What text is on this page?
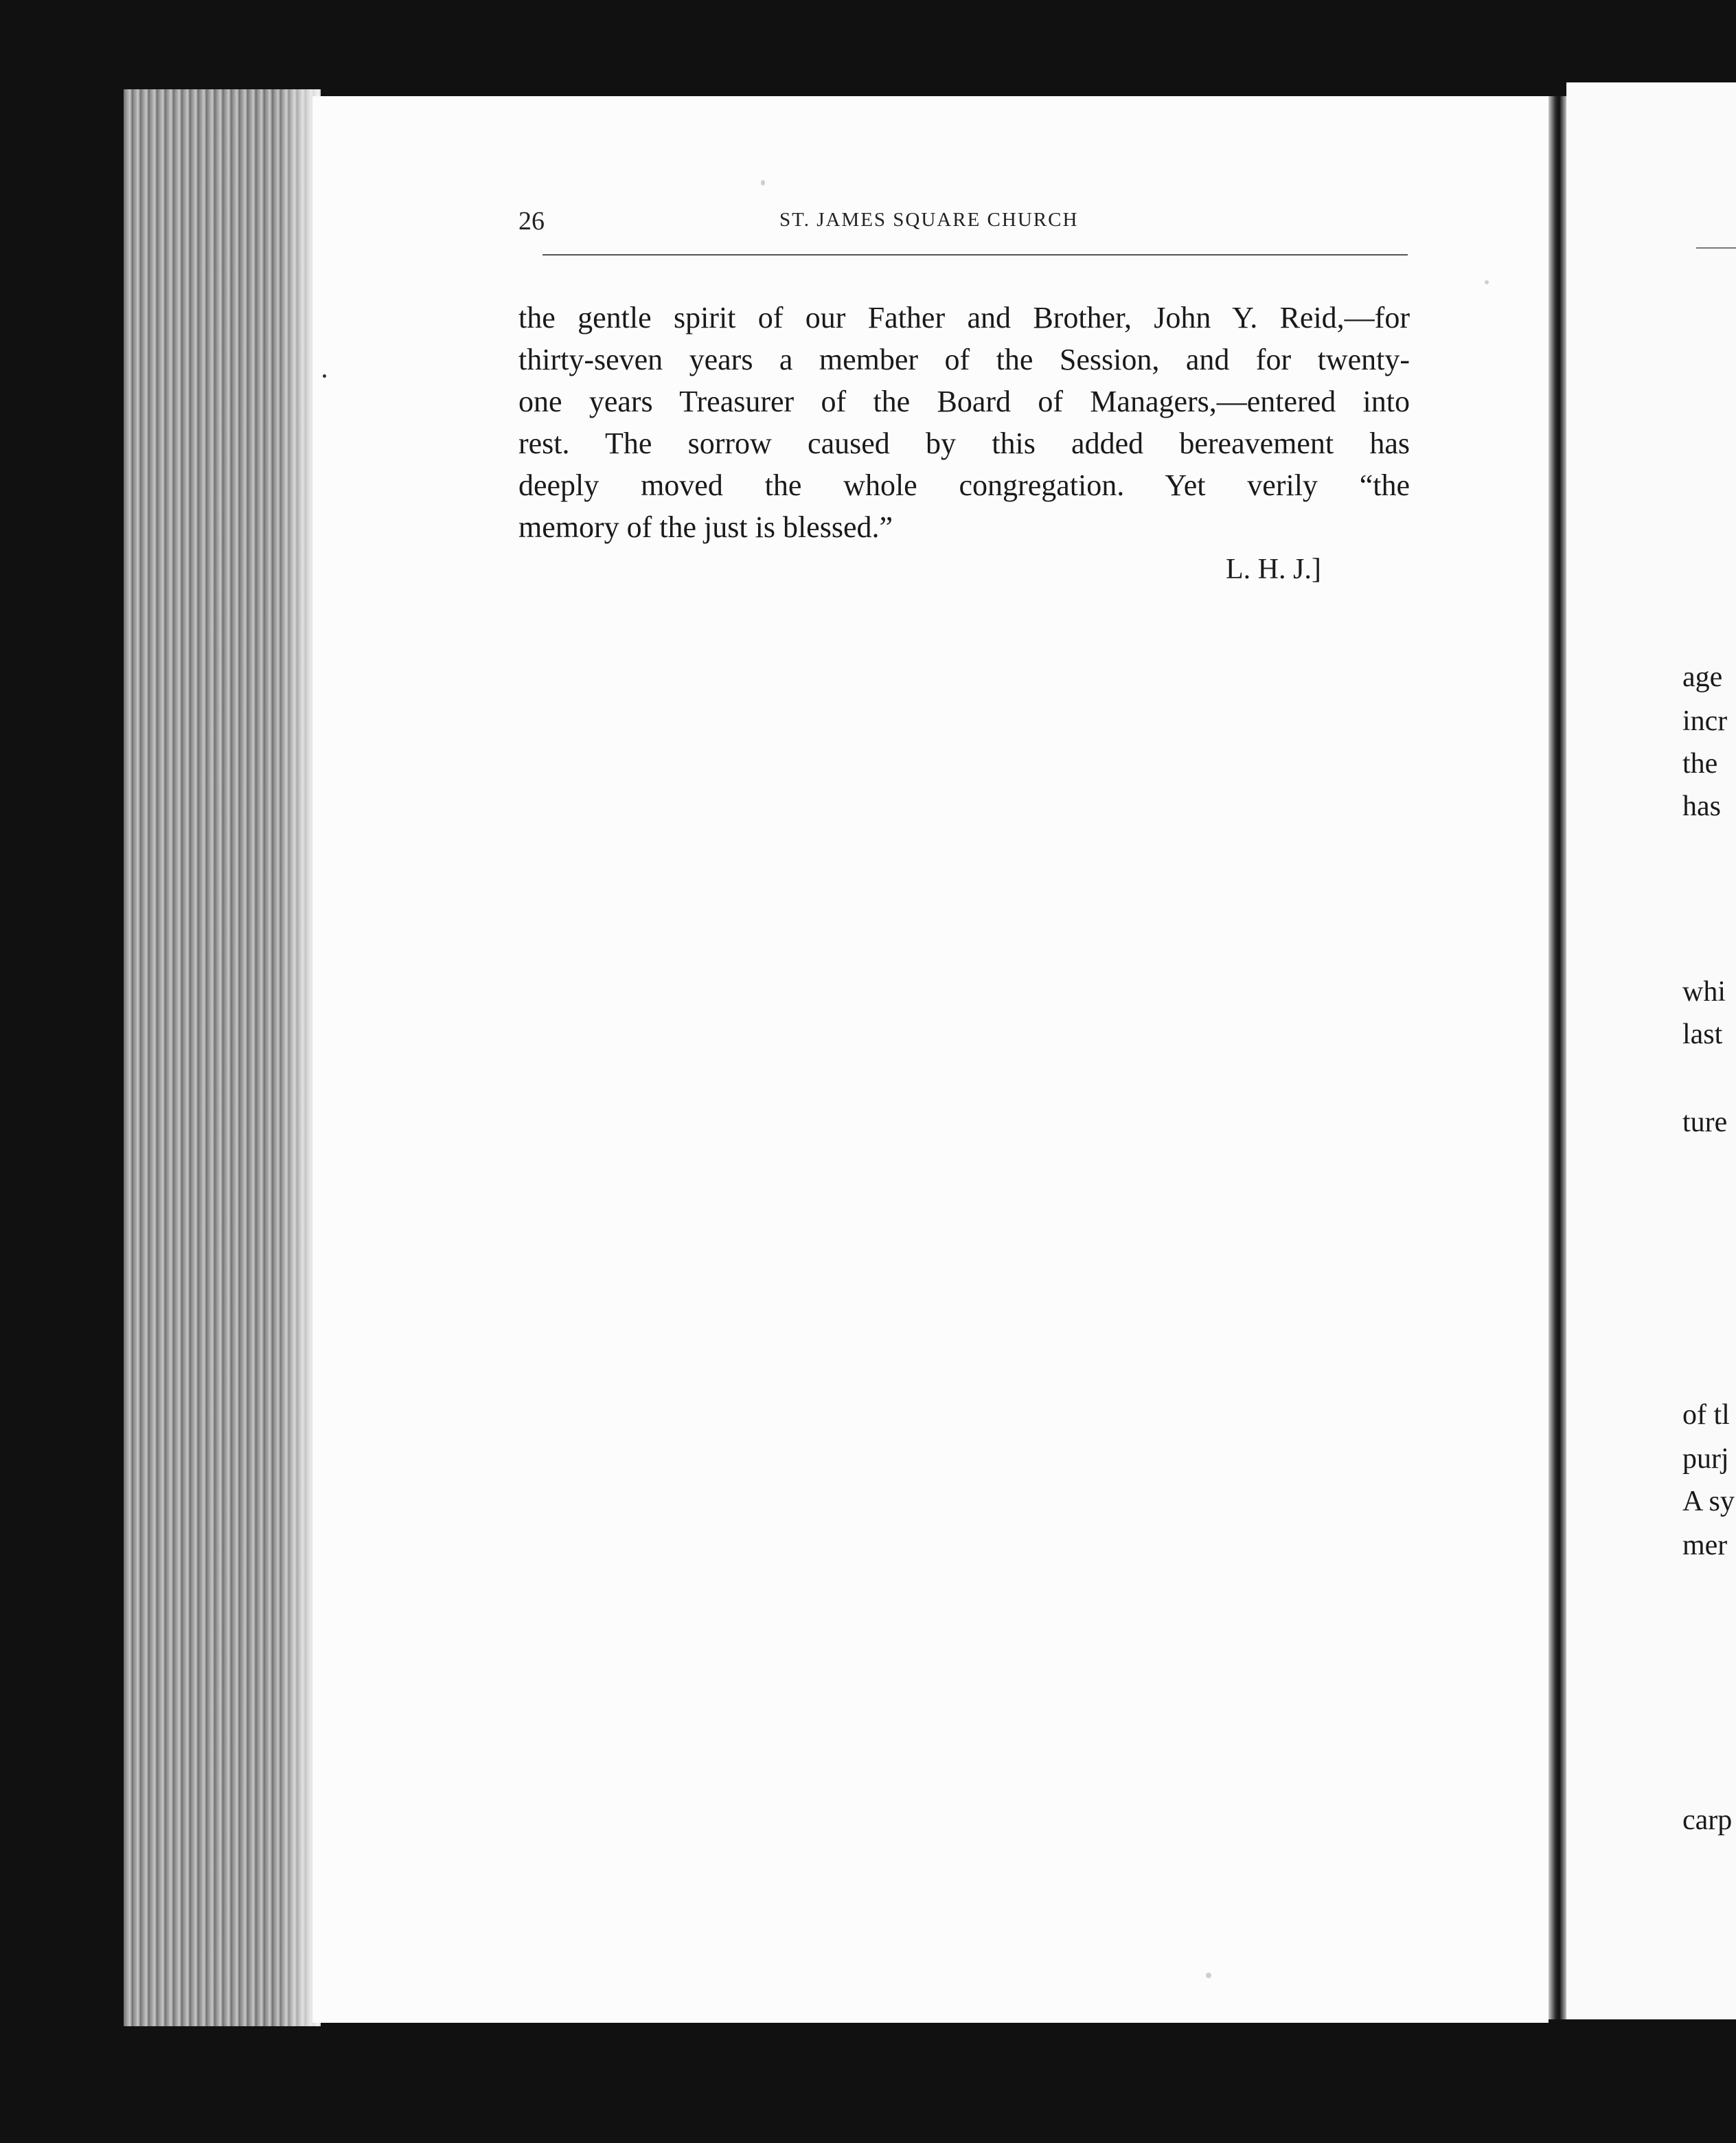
26	ST. JAMES SQUARE CHURCH
the gentle spirit of our Father and Brother, John Y. Reid,—for
thirty-seven years a member of the Session, and for twenty-
one years Treasurer of the Board of Managers,—entered into
rest. The sorrow caused by this added bereavement has
deeply moved the whole congregation. Yet verily “the
memory of the just is blessed.”
L. H. J.]
age
incr
the
has
whi
last
ture
of tl
purj
A sy
mer
carp
